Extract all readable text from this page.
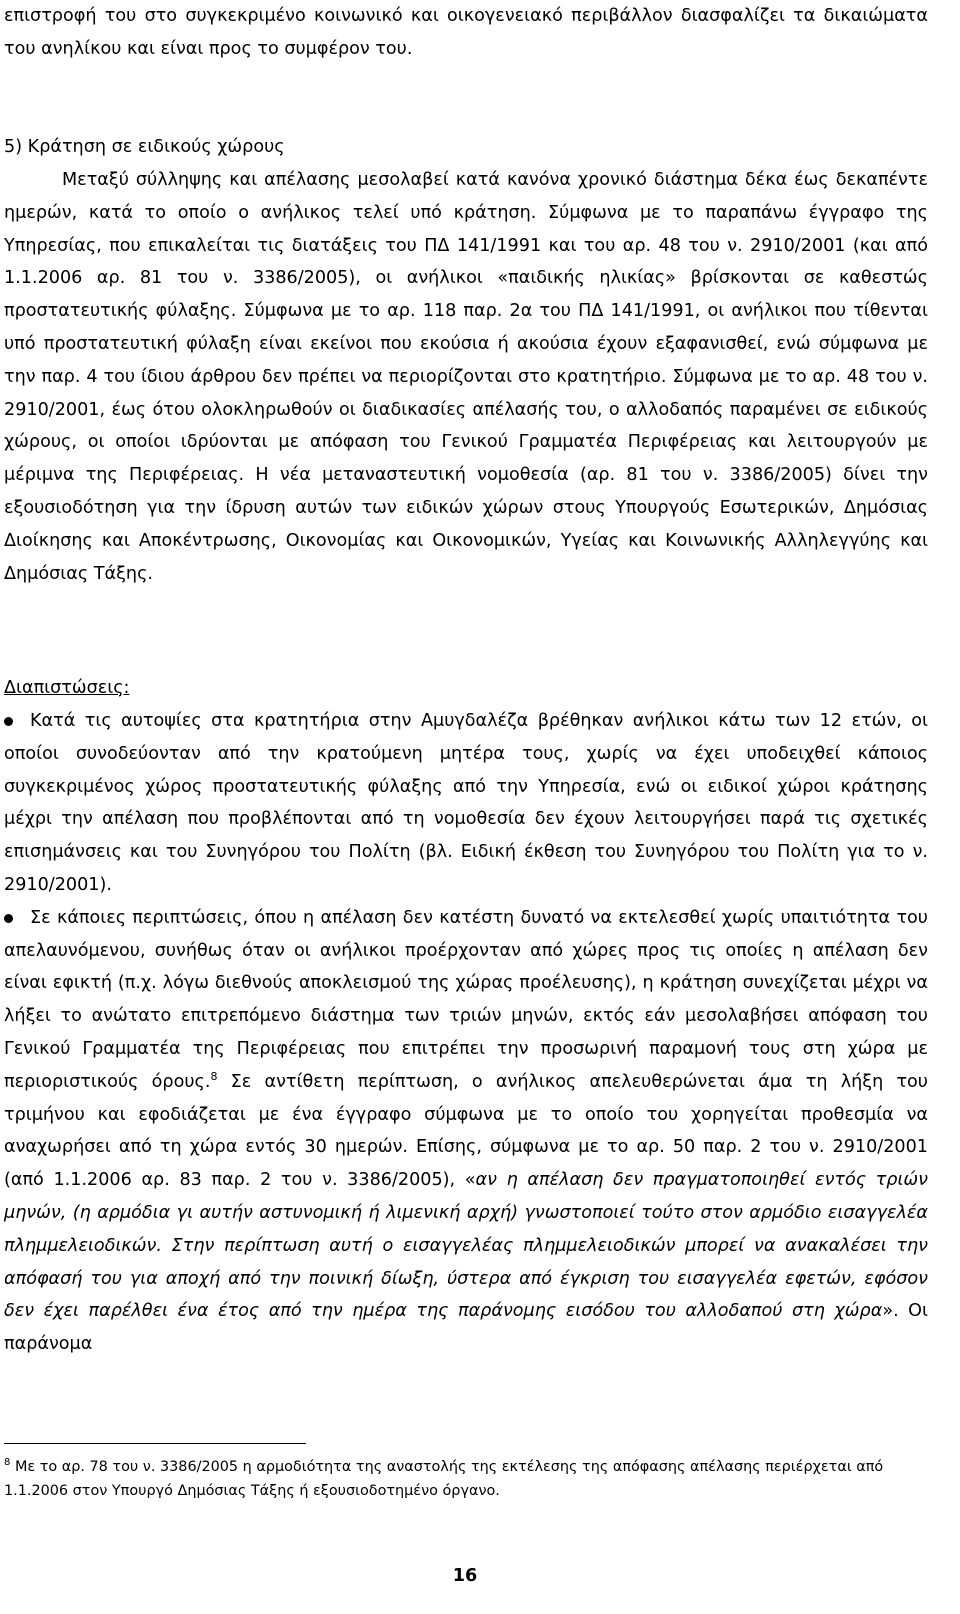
επιστροφή του στο συγκεκριμένο κοινωνικό και οικογενειακό περιβάλλον διασφαλίζει τα δικαιώματα του ανηλίκου και είναι προς το συμφέρον του.

5) Κράτηση σε ειδικούς χώρους

Μεταξύ σύλληψης και απέλασης μεσολαβεί κατά κανόνα χρονικό διάστημα δέκα έως δεκαπέντε ημερών, κατά το οποίο ο ανήλικος τελεί υπό κράτηση. Σύμφωνα με το παραπάνω έγγραφο της Υπηρεσίας, που επικαλείται τις διατάξεις του ΠΔ 141/1991 και του αρ. 48 του ν. 2910/2001 (και από 1.1.2006 αρ. 81 του ν. 3386/2005), οι ανήλικοι «παιδικής ηλικίας» βρίσκονται σε καθεστώς προστατευτικής φύλαξης. Σύμφωνα με το αρ. 118 παρ. 2α του ΠΔ 141/1991, οι ανήλικοι που τίθενται υπό προστατευτική φύλαξη είναι εκείνοι που εκούσια ή ακούσια έχουν εξαφανισθεί, ενώ σύμφωνα με την παρ. 4 του ίδιου άρθρου δεν πρέπει να περιορίζονται στο κρατητήριο. Σύμφωνα με το αρ. 48 του ν. 2910/2001, έως ότου ολοκληρωθούν οι διαδικασίες απέλασής του, ο αλλοδαπός παραμένει σε ειδικούς χώρους, οι οποίοι ιδρύονται με απόφαση του Γενικού Γραμματέα Περιφέρειας και λειτουργούν με μέριμνα της Περιφέρειας. Η νέα μεταναστευτική νομοθεσία (αρ. 81 του ν. 3386/2005) δίνει την εξουσιοδότηση για την ίδρυση αυτών των ειδικών χώρων στους Υπουργούς Εσωτερικών, Δημόσιας Διοίκησης και Αποκέντρωσης, Οικονομίας και Οικονομικών, Υγείας και Κοινωνικής Αλληλεγγύης και Δημόσιας Τάξης.

Διαπιστώσεις:

Κατά τις αυτοψίες στα κρατητήρια στην Αμυγδαλέζα βρέθηκαν ανήλικοι κάτω των 12 ετών, οι οποίοι συνοδεύονταν από την κρατούμενη μητέρα τους, χωρίς να έχει υποδειχθεί κάποιος συγκεκριμένος χώρος προστατευτικής φύλαξης από την Υπηρεσία, ενώ οι ειδικοί χώροι κράτησης μέχρι την απέλαση που προβλέπονται από τη νομοθεσία δεν έχουν λειτουργήσει παρά τις σχετικές επισημάνσεις και του Συνηγόρου του Πολίτη (βλ. Ειδική έκθεση του Συνηγόρου του Πολίτη για το ν. 2910/2001).
Σε κάποιες περιπτώσεις, όπου η απέλαση δεν κατέστη δυνατό να εκτελεσθεί χωρίς υπαιτιότητα του απελαυνόμενου, συνήθως όταν οι ανήλικοι προέρχονταν από χώρες προς τις οποίες η απέλαση δεν είναι εφικτή (π.χ. λόγω διεθνούς αποκλεισμού της χώρας προέλευσης), η κράτηση συνεχίζεται μέχρι να λήξει το ανώτατο επιτρεπόμενο διάστημα των τριών μηνών, εκτός εάν μεσολαβήσει απόφαση του Γενικού Γραμματέα της Περιφέρειας που επιτρέπει την προσωρινή παραμονή τους στη χώρα με περιοριστικούς όρους.$^8$ Σε αντίθετη περίπτωση, ο ανήλικος απελευθερώνεται άμα τη λήξη του τριμήνου και εφοδιάζεται με ένα έγγραφο σύμφωνα με το οποίο του χορηγείται προθεσμία να αναχωρήσει από τη χώρα εντός 30 ημερών. Επίσης, σύμφωνα με το αρ. 50 παρ. 2 του ν. 2910/2001 (από 1.1.2006 αρ. 83 παρ. 2 του ν. 3386/2005), «αν η απέλαση δεν πραγματοποιηθεί εντός τριών μηνών, (η αρμόδια γι αυτήν αστυνομική ή λιμενική αρχή) γνωστοποιεί τούτο στον αρμόδιο εισαγγελέα πλημμελειοδικών. Στην περίπτωση αυτή ο εισαγγελέας πλημμελειοδικών μπορεί να ανακαλέσει την απόφασή του για αποχή από την ποινική δίωξη, ύστερα από έγκριση του εισαγγελέα εφετών, εφόσον δεν έχει παρέλθει ένα έτος από την ημέρα της παράνομης εισόδου του αλλοδαπού στη χώρα». Οι παράνομα

$^8$ Με το αρ. 78 του ν. 3386/2005 η αρμοδιότητα της αναστολής της εκτέλεσης της απόφασης απέλασης περιέρχεται από 1.1.2006 στον Υπουργό Δημόσιας Τάξης ή εξουσιοδοτημένο όργανο.

16
